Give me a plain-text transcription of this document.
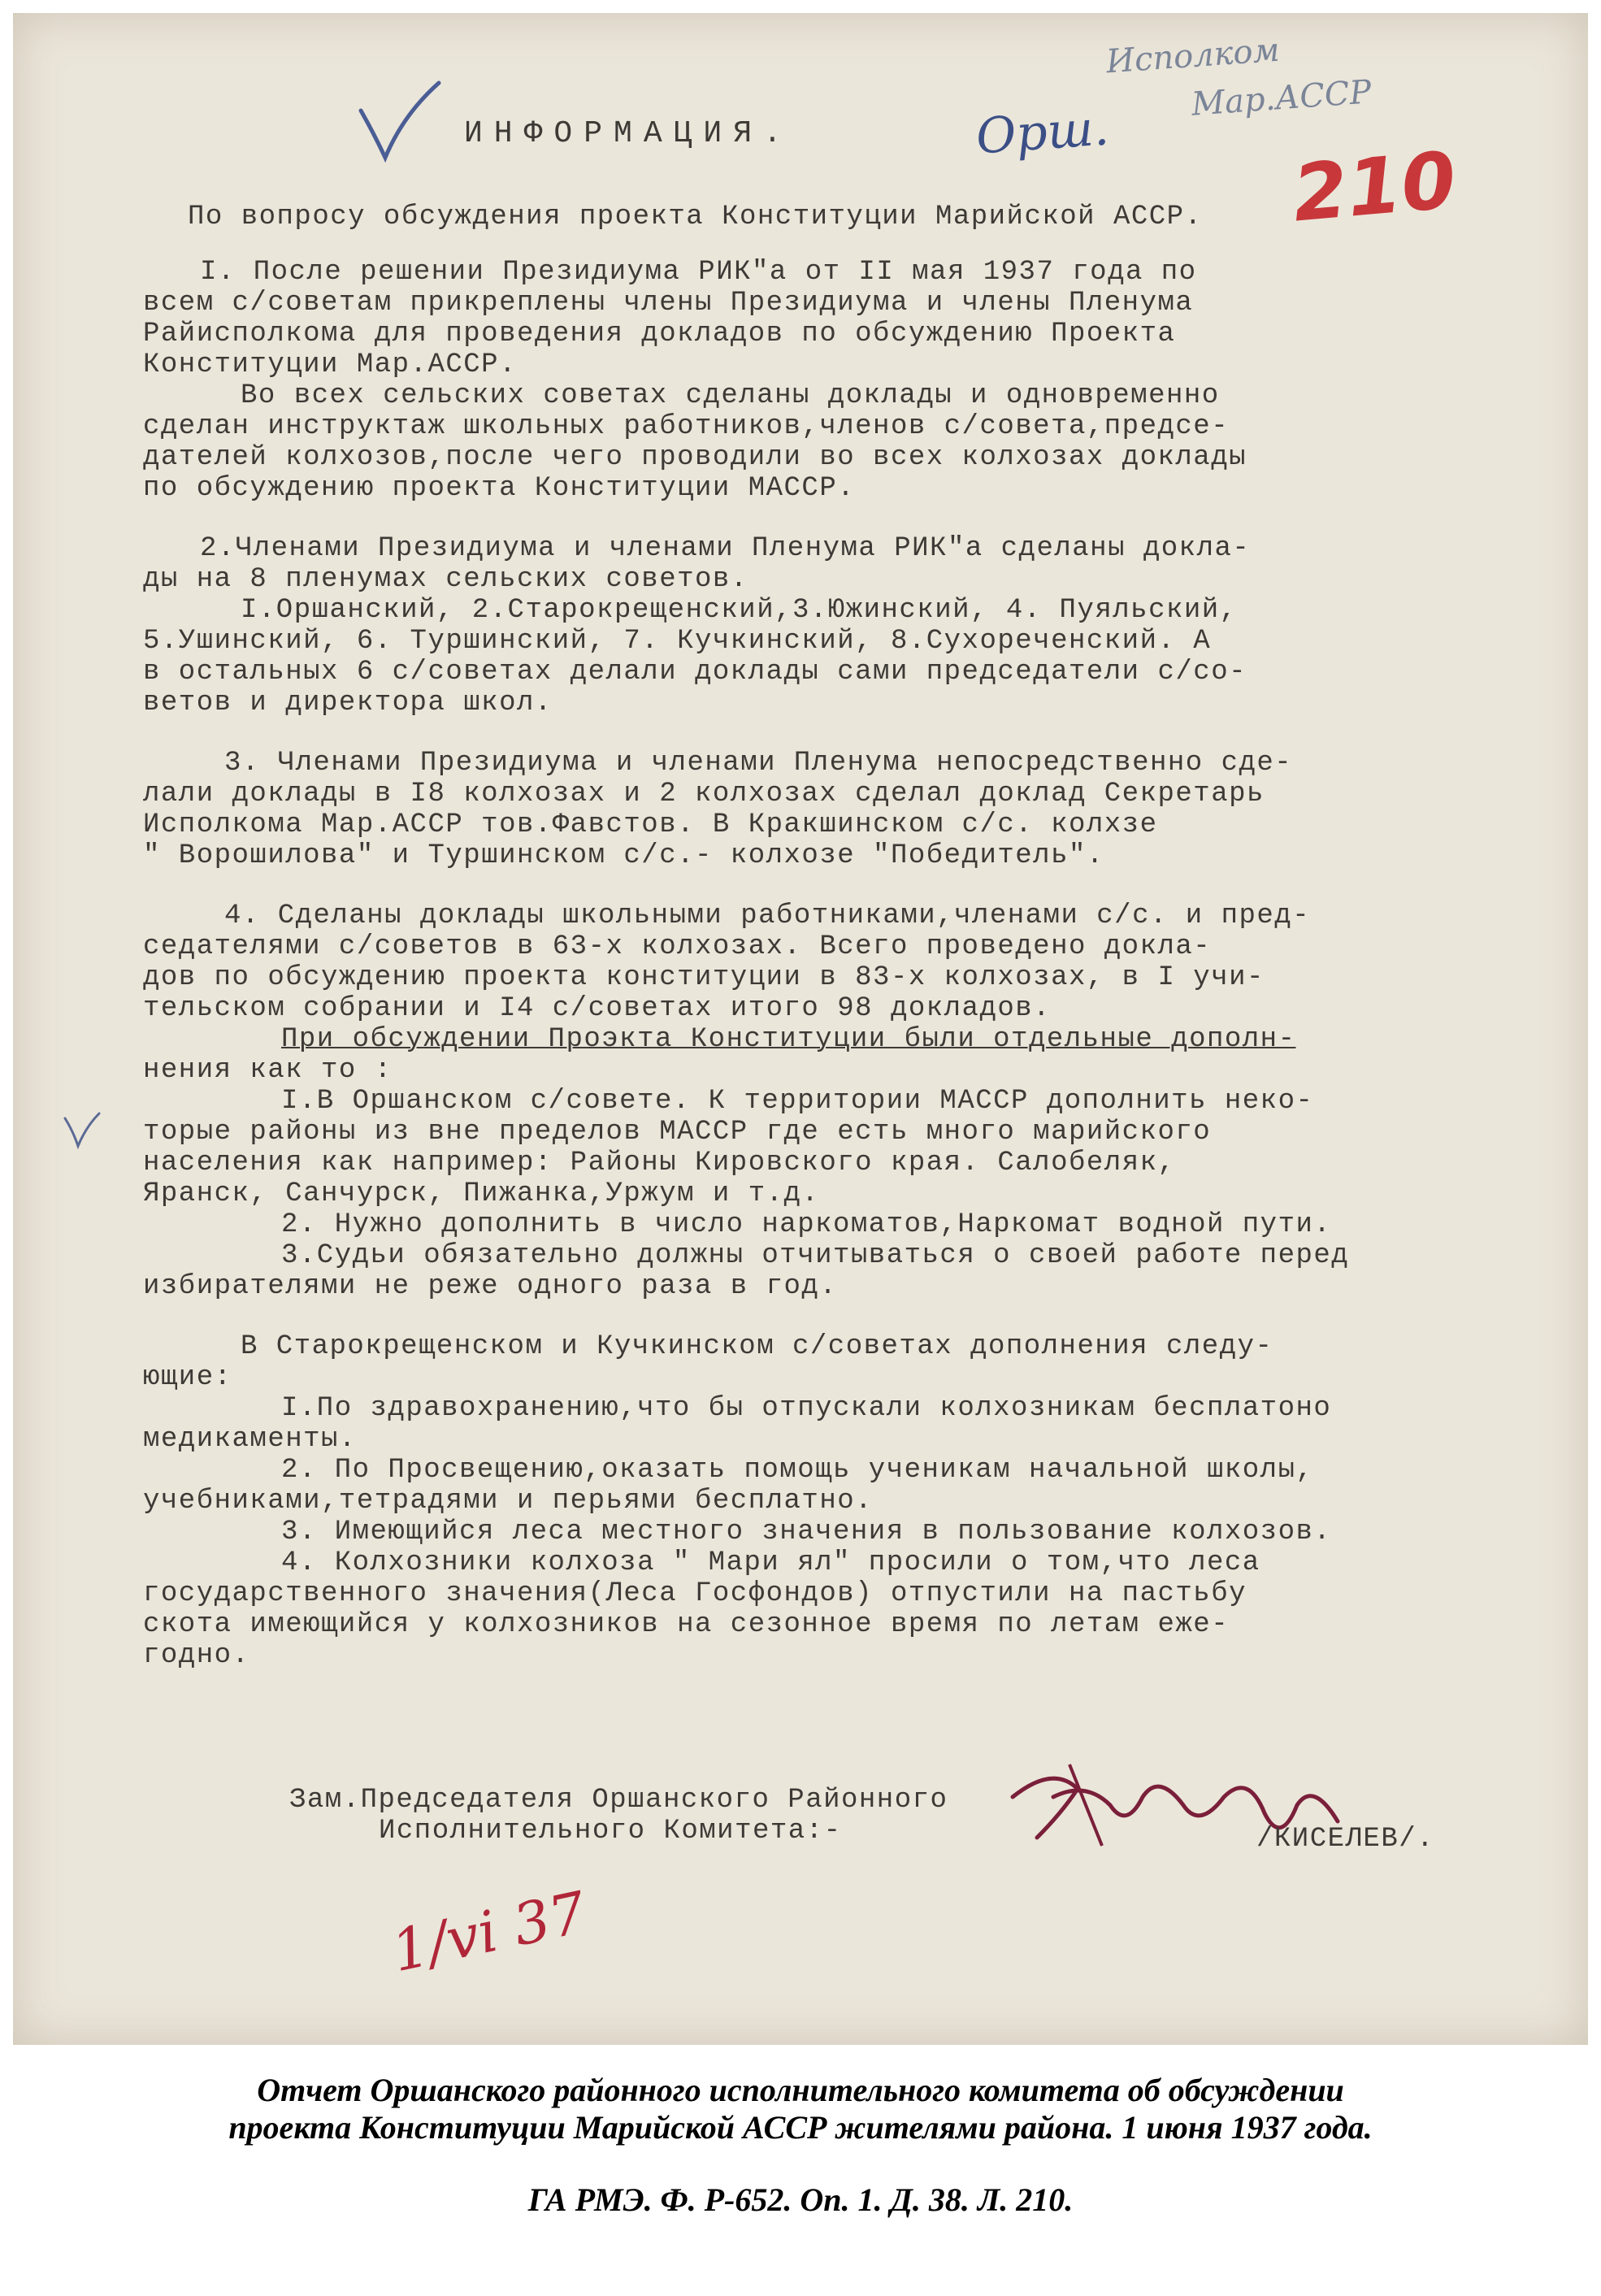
ИНФОРМАЦИЯ.	Орш.

Исполком

Мар.АССР

210

По вопросу обсуждения проекта Конституции Марийской АССР.

I. После решении Президиума РИК"а от II мая 1937 года по

всем с/советам прикреплены члены Президиума и члены Пленума

Райисполкома для проведения докладов по обсуждению Проекта

Конституции Мар.АССР.

Во всех сельских советах сделаны доклады и одновременно

сделан инструктаж школьных работников,членов с/совета,предсе-

дателей колхозов,после чего проводили во всех колхозах доклады

по обсуждению проекта Конституции МАССР.

2.Членами Президиума и членами Пленума РИК"а сделаны доклa-

ды на 8 пленумах сельских советов.

I.Оршанский, 2.Старокрещенский,3.Южинский, 4. Пуяльский,

5.Ушинский, 6. Туршинский, 7. Кучкинский, 8.Сухореченский. А

в остальных 6 с/советах делали доклады сами председатели с/со-

ветов и директора школ.

3. Членами Президиума и членами Пленума непосредственно сде-

лали доклады в I8 колхозах и 2 колхозах сделал доклад Секретарь

Исполкома Мар.АССР тов.Фавстов. В Кракшинском с/с. колхзе

" Ворошилова" и Туршинском с/с.- колхозе "Победитель".

4. Сделаны доклады школьными работниками,членами с/с. и пред-

седателями с/советов в 63-х колхозах. Всего проведено доклa-

дов по обсуждению проекта конституции в 83-х колхозах, в I учи-

тельском собрании и I4 с/советах итого 98 докладов.

При обсуждении Проэкта Конституции были отдельные дополн-

нения как то :

I.В Оршанском с/совете. К территории МАССР дополнить неко-

торые районы из вне пределов МАССР где есть много марийского

населения как например: Районы Кировского края. Салобеляк,

Яранск, Санчурск, Пижанка,Уржум и т.д.

2. Нужно дополнить в число наркоматов,Наркомат водной пути.

3.Судьи обязательно должны отчитываться о своей работе перед

избирателями не реже одного раза в год.

В Старокрещенском и Кучкинском с/советах дополнения следу-

ющие:

I.По здравохранению,что бы отпускали колхозникам бесплатоно

медикаменты.

2. По Просвещению,оказать помощь ученикам начальной школы,

учебниками,тетрадями и перьями бесплатно.

3. Имеющийся леса местного значения в пользование колхозов.

4. Колхозники колхоза " Мари ял" просили о том,что леса

государственного значения(Леса Госфондов) отпустили на пастьбу

скота имеющийся у колхозников на сезонное время по летам еже-

годно.

Зам.Председателя Оршанского Районного

Исполнительного Комитета:-	/КИСЕЛЕВ/.

1/vi 37

Отчет Оршанского районного исполнительного комитета об обсуждении

проекта Конституции Марийской АССР жителями района. 1 июня 1937 года.

ГА РМЭ. Ф. Р-652. Оп. 1. Д. 38. Л. 210.
